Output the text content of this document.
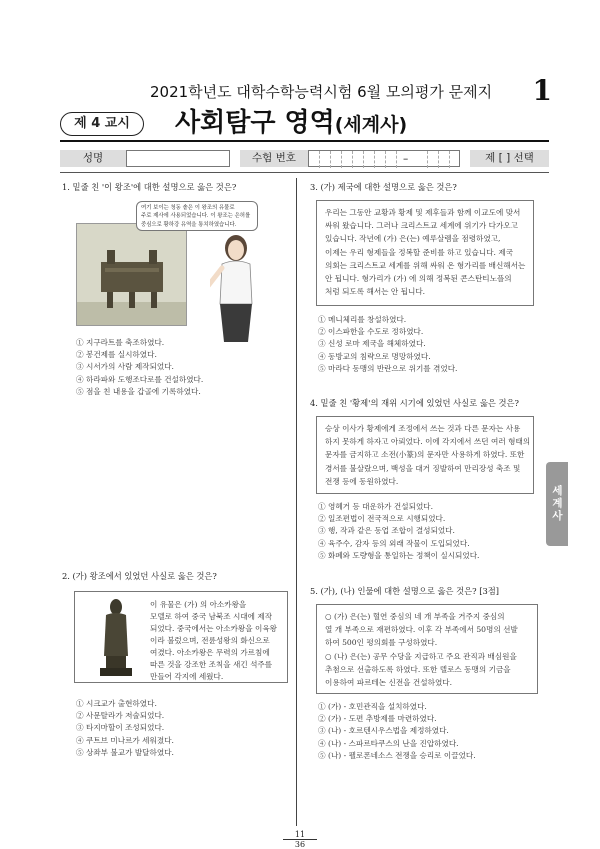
2021학년도 대학수학능력시험 6월 모의평가 문제지 1
제 4 교시	사회탐구 영역(세계사)
성명	수험 번호	–	제 [ ] 선택
1. 밑줄 친 '이 왕조'에 대한 설명으로 옳은 것은?
여기 보이는 청동 솥은 이 왕조의 유물로
주로 제사에 사용되었습니다. 이 왕조는 은허를
중심으로 황하강 유역을 통치하였습니다.
① 지구라트를 축조하였다.
② 봉건제를 실시하였다.
③ 시서가의 사람 제작되었다.
④ 하라파와 도행조다로를 건설하였다.
⑤ 점을 친 내용을 갑골에 기록하였다.
2. (가) 왕조에서 있었던 사실로 옳은 것은?
이 유물은 (가) 의 아소카왕을
모델로 하여 중국 남북조 시대에 제작
되었다. 중국에서는 아소카왕을 이육왕
이라 불렀으며, 전륜성왕의 화신으로
여겼다. 아소카왕은 무력의 가르침에
따른 것을 강조한 조칙을 새긴 석주를
만들어 각지에 세웠다.
① 시크교가 출현하였다.
② 사문탈라가 저술되었다.
③ 타지마할이 조성되었다.
④ 쿠트브 미나르가 세워졌다.
⑤ 상좌부 불교가 발달하였다.
3. (가) 제국에 대한 설명으로 옳은 것은?
우리는 그동안 교황과 황제 및 제후들과 함께 이교도에 맞서
싸워 왔습니다. 그러나 크리스트교 세계에 위기가 다가오고
있습니다. 작년에 (가) 은(는) 예루살렘을 점령하였고,
이제는 우리 형제들을 정복할 준비를 하고 있습니다. 제국
의회는 크리스트교 세계를 위해 싸워 온 형가리를 배신해서는
안 됩니다. 형가리가 (가) 에 의해 정복된 콘스탄티노플의
처럼 되도록 해서는 안 됩니다.
① 메니체리를 창설하였다.
② 이스파한을 수도로 정하였다.
③ 신성 로마 제국을 해체하였다.
④ 동방교의 침략으로 명망하였다.
⑤ 마라다 동맹의 반란으로 위기를 겪었다.
4. 밑줄 친 '황제'의 재위 시기에 있었던 사실로 옳은 것은?
승상 이사가 황제에게 조정에서 쓰는 것과 다른 문자는 사용
하지 못하게 하자고 아뢰었다. 이에 각지에서 쓰던 여러 형태의
문자를 금지하고 소전(小篆)의 문자만 사용하게 하였다. 또한
경서를 불살랐으며, 백성을 대거 징발하여 만리장성 축조 및
전쟁 등에 동원하였다.
① 영혜거 등 대운하가 건설되었다.
② 일조편법이 전국적으로 시행되었다.
③ 행, 작과 같은 동업 조합이 결성되었다.
④ 육주수, 감자 등의 외래 작물이 도입되었다.
⑤ 화폐와 도량형을 통일하는 정책이 실시되었다.
5. (가), (나) 인물에 대한 설명으로 옳은 것은? [3점]
○ (가) 은(는) 혈연 중심의 네 개 부족을 거주지 중심의
열 개 부족으로 재편하였다. 이후 각 부족에서 50명의 선발
하여 500인 평의회를 구성하였다.
○ (나) 은(는) 공무 수당을 지급하고 주요 관직과 배심원을
추첨으로 선출하도록 하였다. 또한 델로스 동맹의 기금을
이용하여 파르테논 신전을 건설하였다.
① (가) - 호민관직을 설치하였다.
② (가) - 도편 추방제를 마련하였다.
③ (나) - 호르텐시우스법을 제정하였다.
④ (나) - 스파르타쿠스의 난을 진압하였다.
⑤ (나) - 펠로폰네소스 전쟁을 승리로 이끌었다.
세계사
11
36
